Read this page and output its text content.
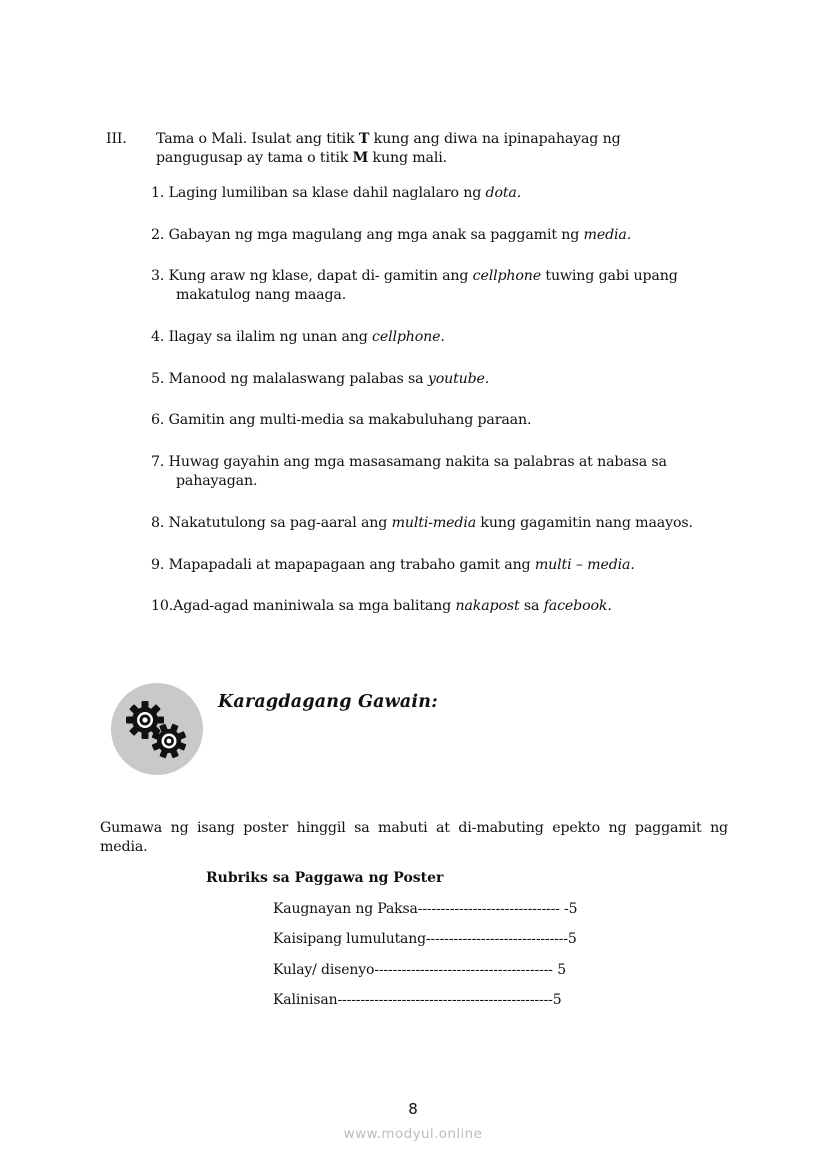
III. Tama o Mali. Isulat ang titik T kung ang diwa na ipinapahayag ng
pangugusap ay tama o titik M kung mali.
1. Laging lumiliban sa klase dahil naglalaro ng dota.
2. Gabayan ng mga magulang ang mga anak sa paggamit ng media.
3. Kung araw ng klase, dapat di- gamitin ang cellphone tuwing gabi upang
makatulog nang maaga.
4. Ilagay sa ilalim ng unan ang cellphone.
5. Manood ng malalaswang palabas sa youtube.
6. Gamitin ang multi-media sa makabuluhang paraan.
7. Huwag gayahin ang mga masasamang nakita sa palabras at nabasa sa
pahayagan.
8. Nakatutulong sa pag-aaral ang multi-media kung gagamitin nang maayos.
9. Mapapadali at mapapagaan ang trabaho gamit ang multi – media.
10.Agad-agad maniniwala sa mga balitang nakapost sa facebook.
Karagdagang Gawain:
Gumawa ng isang poster hinggil sa mabuti at di-mabuting epekto ng paggamit ng media.
Rubriks sa Paggawa ng Poster
Kaugnayan ng Paksa------------------------------- -5
Kaisipang lumulutang-------------------------------5
Kulay/ disenyo--------------------------------------- 5
Kalinisan-----------------------------------------------5
8
www.modyul.online
